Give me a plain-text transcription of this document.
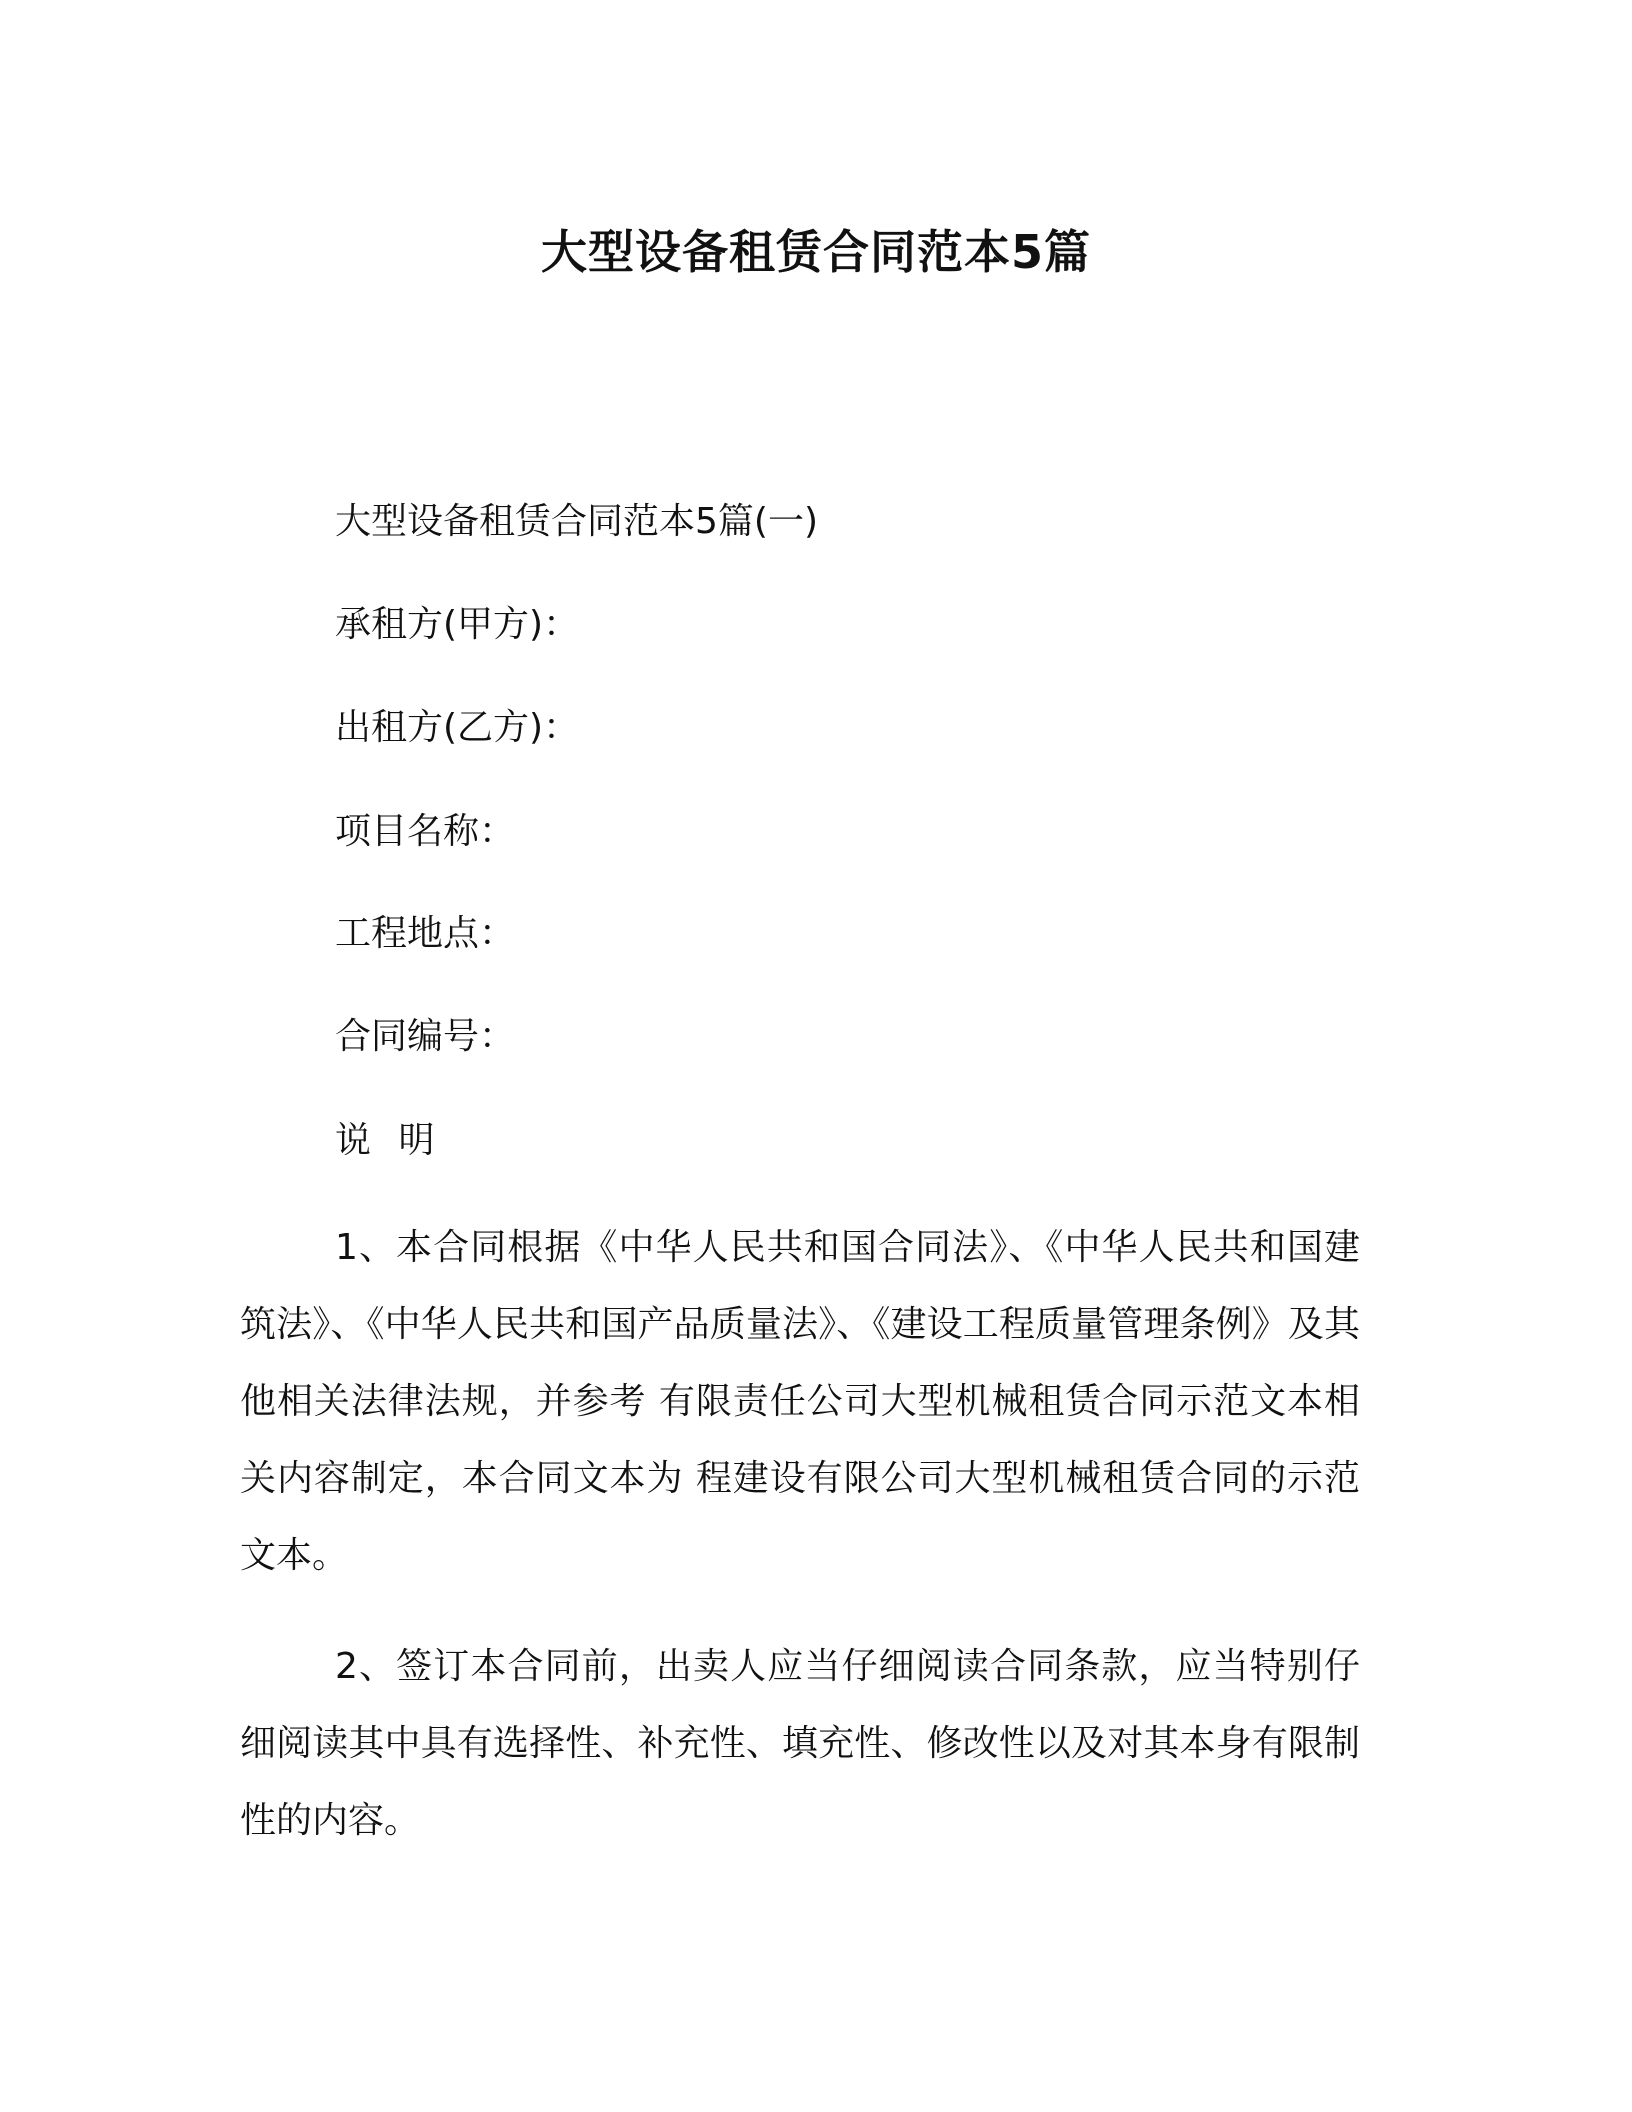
大型设备租赁合同范本5篇
大型设备租赁合同范本5篇(一)
承租方(甲方)：
出租方(乙方)：
项目名称：
工程地点：
合同编号：
说 明
1、本合同根据《中华人民共和国合同法》、《中华人民共和国建筑法》、《中华人民共和国产品质量法》、《建设工程质量管理条例》及其他相关法律法规，并参考 有限责任公司大型机械租赁合同示范文本相关内容制定，本合同文本为 程建设有限公司大型机械租赁合同的示范文本。
2、签订本合同前，出卖人应当仔细阅读合同条款，应当特别仔细阅读其中具有选择性、补充性、填充性、修改性以及对其本身有限制性的内容。
